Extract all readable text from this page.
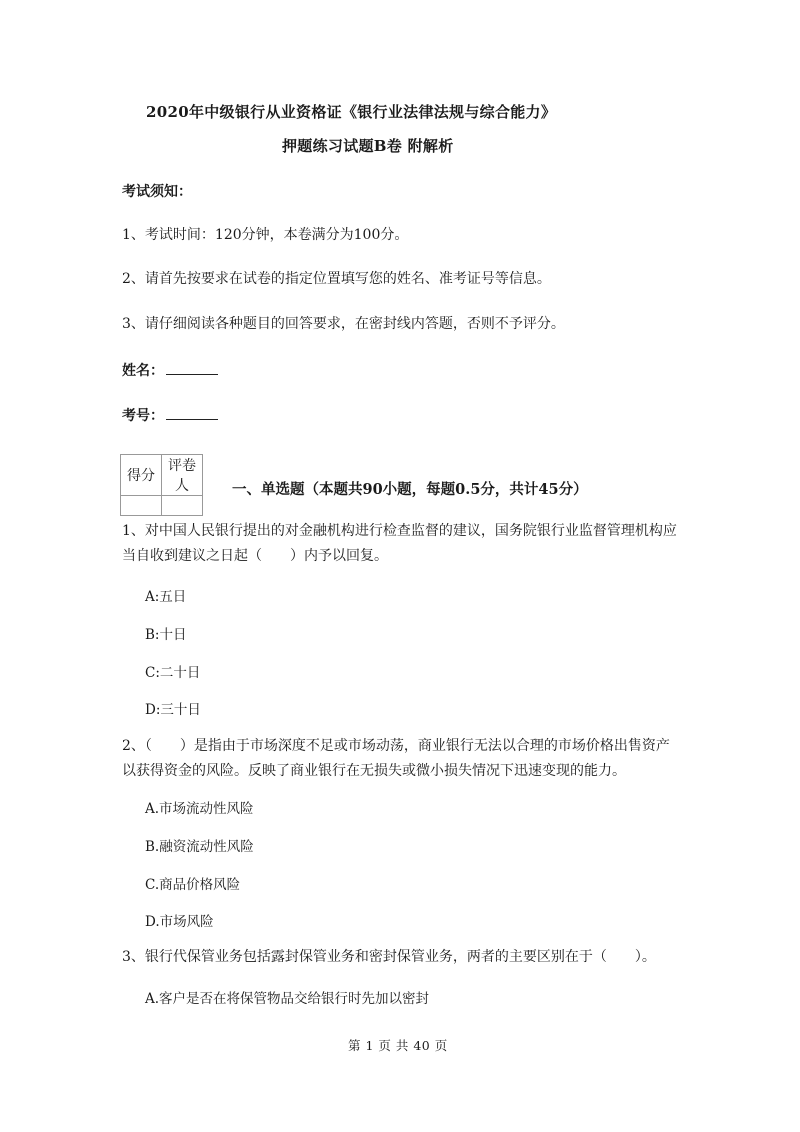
2020年中级银行从业资格证《银行业法律法规与综合能力》
押题练习试题B卷 附解析
考试须知：
1、考试时间：120分钟，本卷满分为100分。
2、请首先按要求在试卷的指定位置填写您的姓名、准考证号等信息。
3、请仔细阅读各种题目的回答要求，在密封线内答题，否则不予评分。
姓名：
考号：
得分	评卷人
		一、单选题（本题共90小题，每题0.5分，共计45分）
1、对中国人民银行提出的对金融机构进行检查监督的建议，国务院银行业监督管理机构应
当自收到建议之日起（　　）内予以回复。
A:五日
B:十日
C:二十日
D:三十日
2、（　　）是指由于市场深度不足或市场动荡，商业银行无法以合理的市场价格出售资产
以获得资金的风险。反映了商业银行在无损失或微小损失情况下迅速变现的能力。
A.市场流动性风险
B.融资流动性风险
C.商品价格风险
D.市场风险
3、银行代保管业务包括露封保管业务和密封保管业务，两者的主要区别在于（　　）。
A.客户是否在将保管物品交给银行时先加以密封
第 1 页 共 40 页
